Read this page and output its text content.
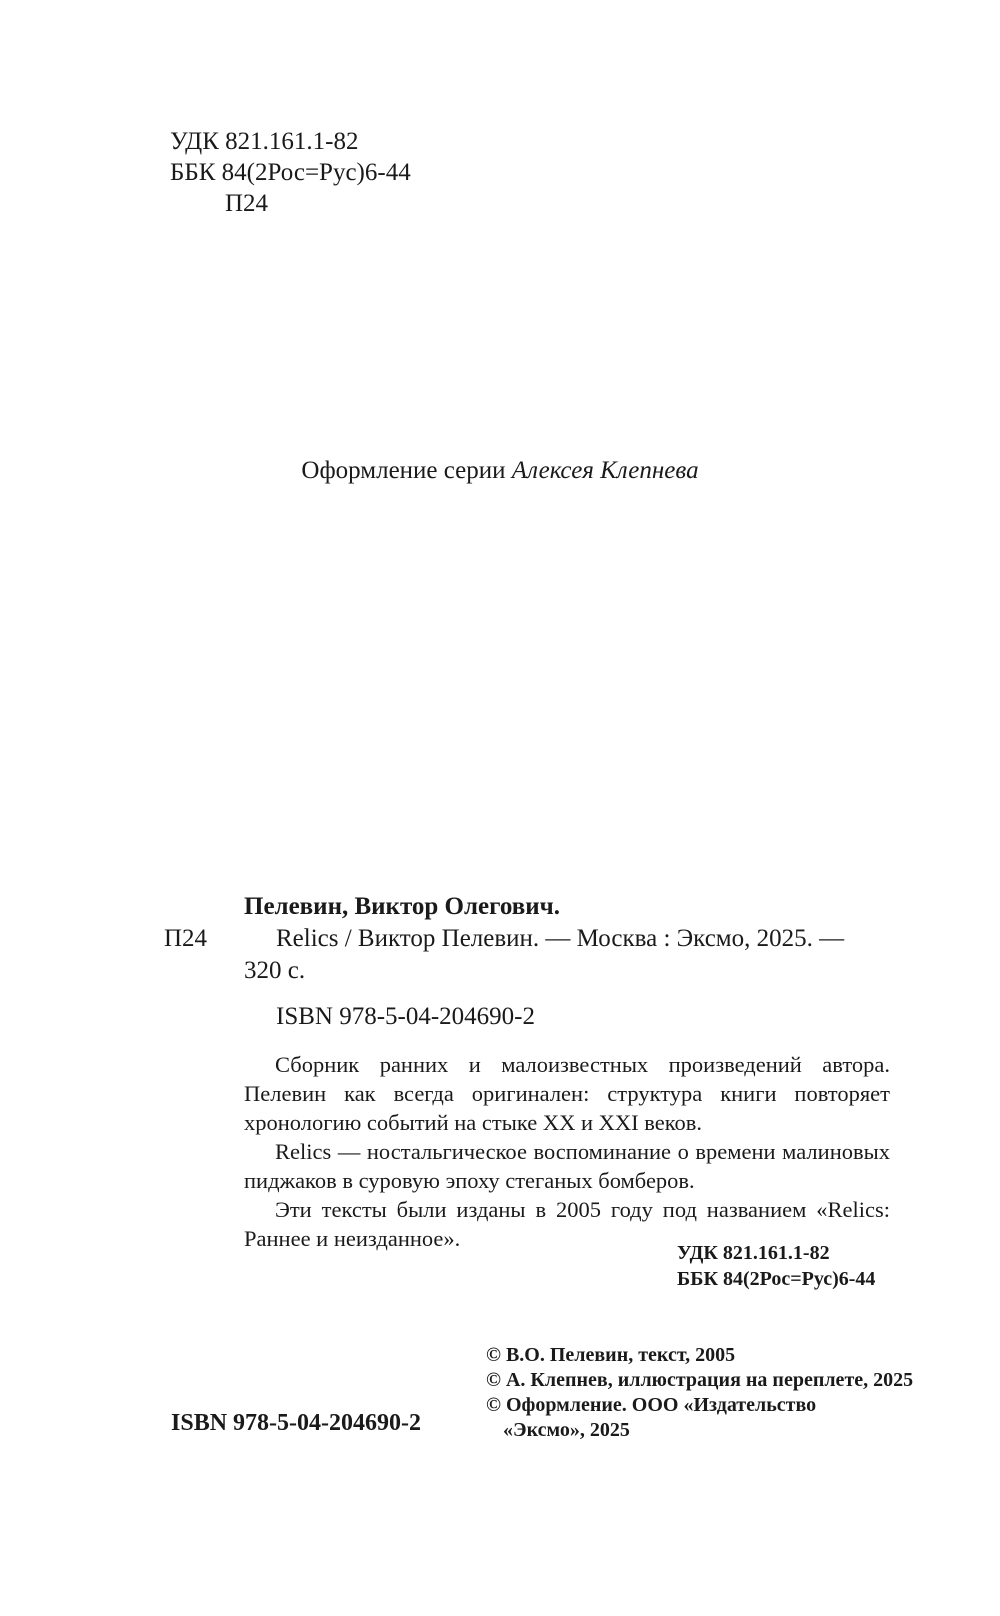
УДК 821.161.1-82
ББК 84(2Рос=Рус)6-44
П24
Оформление серии Алексея Клепнева
Пелевин, Виктор Олегович.
П24	Relics / Виктор Пелевин. — Москва : Эксмо, 2025. —
320 с.
ISBN 978-5-04-204690-2

Сборник ранних и малоизвестных произведений автора. Пелевин как всегда оригинален: структура книги повторяет хронологию событий на стыке XX и XXI веков.

Relics — ностальгическое воспоминание о времени малиновых пиджаков в суровую эпоху стеганых бомберов.

Эти тексты были изданы в 2005 году под названием «Relics: Раннее и неизданное».

УДК 821.161.1-82
ББК 84(2Рос=Рус)6-44
ISBN 978-5-04-204690-2
© В.О. Пелевин, текст, 2005
© А. Клепнев, иллюстрация на переплете, 2025
© Оформление. ООО «Издательство
«Эксмо», 2025
